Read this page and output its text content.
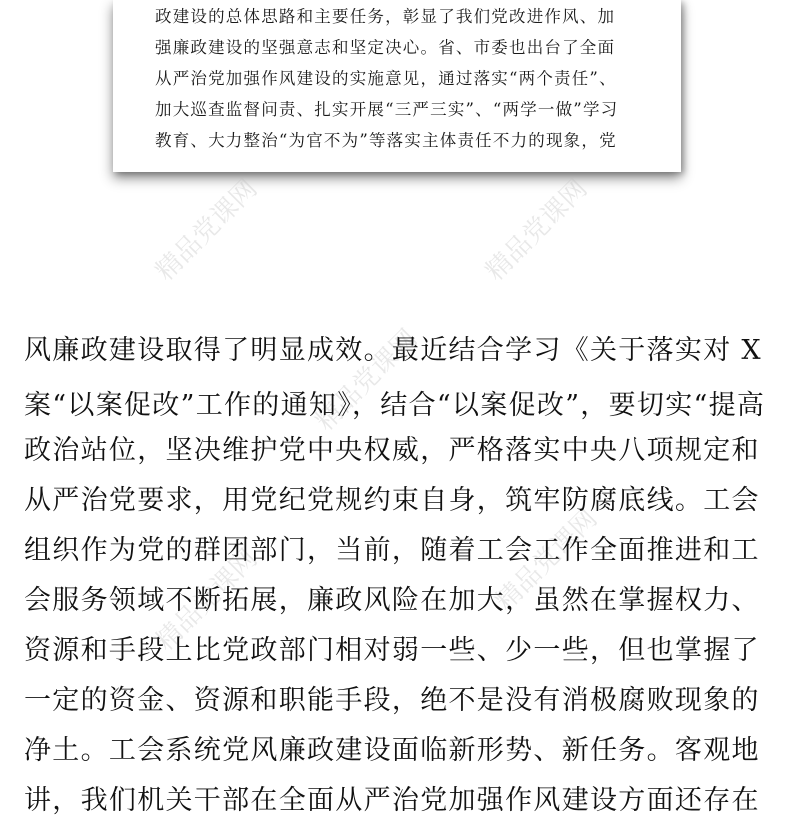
政建设的总体思路和主要任务，彰显了我们党改进作风、加
强廉政建设的坚强意志和坚定决心。省、市委也出台了全面
从严治党加强作风建设的实施意见，通过落实“两个责任”、
加大巡查监督问责、扎实开展“三严三实”、“两学一做”学习
教育、大力整治“为官不为”等落实主体责任不力的现象，党
精品党课网	精品党课网
精品党课网
精品党课网
精品党课网
风廉政建设取得了明显成效。最近结合学习《关于落实对 X
案“以案促改”工作的通知》，结合“以案促改”，要切实“提高
政治站位，坚决维护党中央权威，严格落实中央八项规定和
从严治党要求，用党纪党规约束自身，筑牢防腐底线。工会
组织作为党的群团部门，当前，随着工会工作全面推进和工
会服务领域不断拓展，廉政风险在加大，虽然在掌握权力、
资源和手段上比党政部门相对弱一些、少一些，但也掌握了
一定的资金、资源和职能手段，绝不是没有消极腐败现象的
净土。工会系统党风廉政建设面临新形势、新任务。客观地
讲，我们机关干部在全面从严治党加强作风建设方面还存在
